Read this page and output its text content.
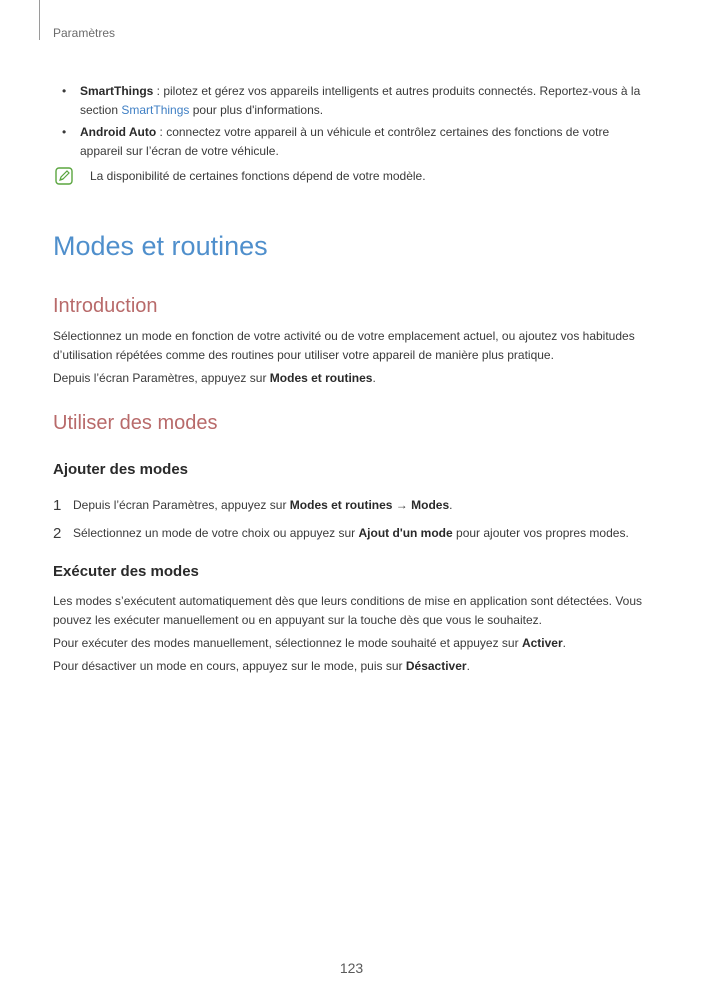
Paramètres
• SmartThings : pilotez et gérez vos appareils intelligents et autres produits connectés. Reportez-vous à la section SmartThings pour plus d'informations.
• Android Auto : connectez votre appareil à un véhicule et contrôlez certaines des fonctions de votre appareil sur l’écran de votre véhicule.
La disponibilité de certaines fonctions dépend de votre modèle.
Modes et routines
Introduction

Sélectionnez un mode en fonction de votre activité ou de votre emplacement actuel, ou ajoutez vos habitudes d’utilisation répétées comme des routines pour utiliser votre appareil de manière plus pratique.

Depuis l’écran Paramètres, appuyez sur Modes et routines.

Utiliser des modes
Ajouter des modes
1 Depuis l’écran Paramètres, appuyez sur Modes et routines → Modes.
2 Sélectionnez un mode de votre choix ou appuyez sur Ajout d'un mode pour ajouter vos propres modes.
Exécuter des modes

Les modes s’exécutent automatiquement dès que leurs conditions de mise en application sont détectées. Vous pouvez les exécuter manuellement ou en appuyant sur la touche dès que vous le souhaitez.

Pour exécuter des modes manuellement, sélectionnez le mode souhaité et appuyez sur Activer.

Pour désactiver un mode en cours, appuyez sur le mode, puis sur Désactiver.

123
